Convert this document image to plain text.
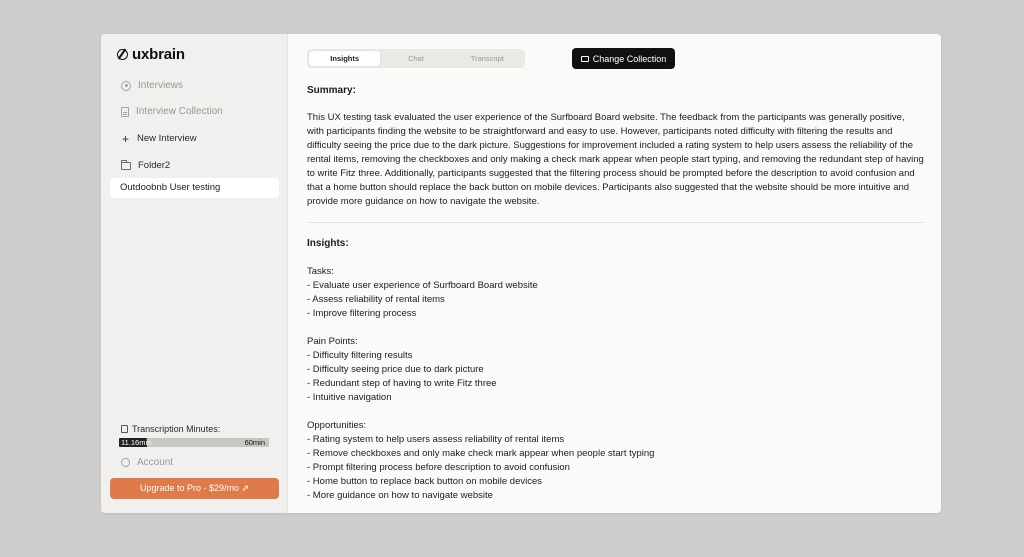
uxbrain
Interviews
Interview Collection
+ New Interview
Folder2
Outdoobnb User testing
Transcription Minutes:
11.16min	60min
Account
Upgrade to Pro - $29/mo ⇗
Insights	Chat	Transcript	Change Collection
Summary:

This UX testing task evaluated the user experience of the Surfboard Board website. The feedback from the participants was generally positive, with participants finding the website to be straightforward and easy to use. However, participants noted difficulty with filtering the results and difficulty seeing the price due to the dark picture. Suggestions for improvement included a rating system to help users assess the reliability of the rental items, removing the checkboxes and only making a check mark appear when people start typing, and removing the redundant step of having to write Fitz three. Additionally, participants suggested that the filtering process should be prompted before the description to avoid confusion and that a home button should replace the back button on mobile devices. Participants also suggested that the website should be more intuitive and provide more guidance on how to navigate the website.

Insights:
Tasks:
- Evaluate user experience of Surfboard Board website
- Assess reliability of rental items
- Improve filtering process
Pain Points:
- Difficulty filtering results
- Difficulty seeing price due to dark picture
- Redundant step of having to write Fitz three
- Intuitive navigation
Opportunities:
- Rating system to help users assess reliability of rental items
- Remove checkboxes and only make check mark appear when people start typing
- Prompt filtering process before description to avoid confusion
- Home button to replace back button on mobile devices
- More guidance on how to navigate website
